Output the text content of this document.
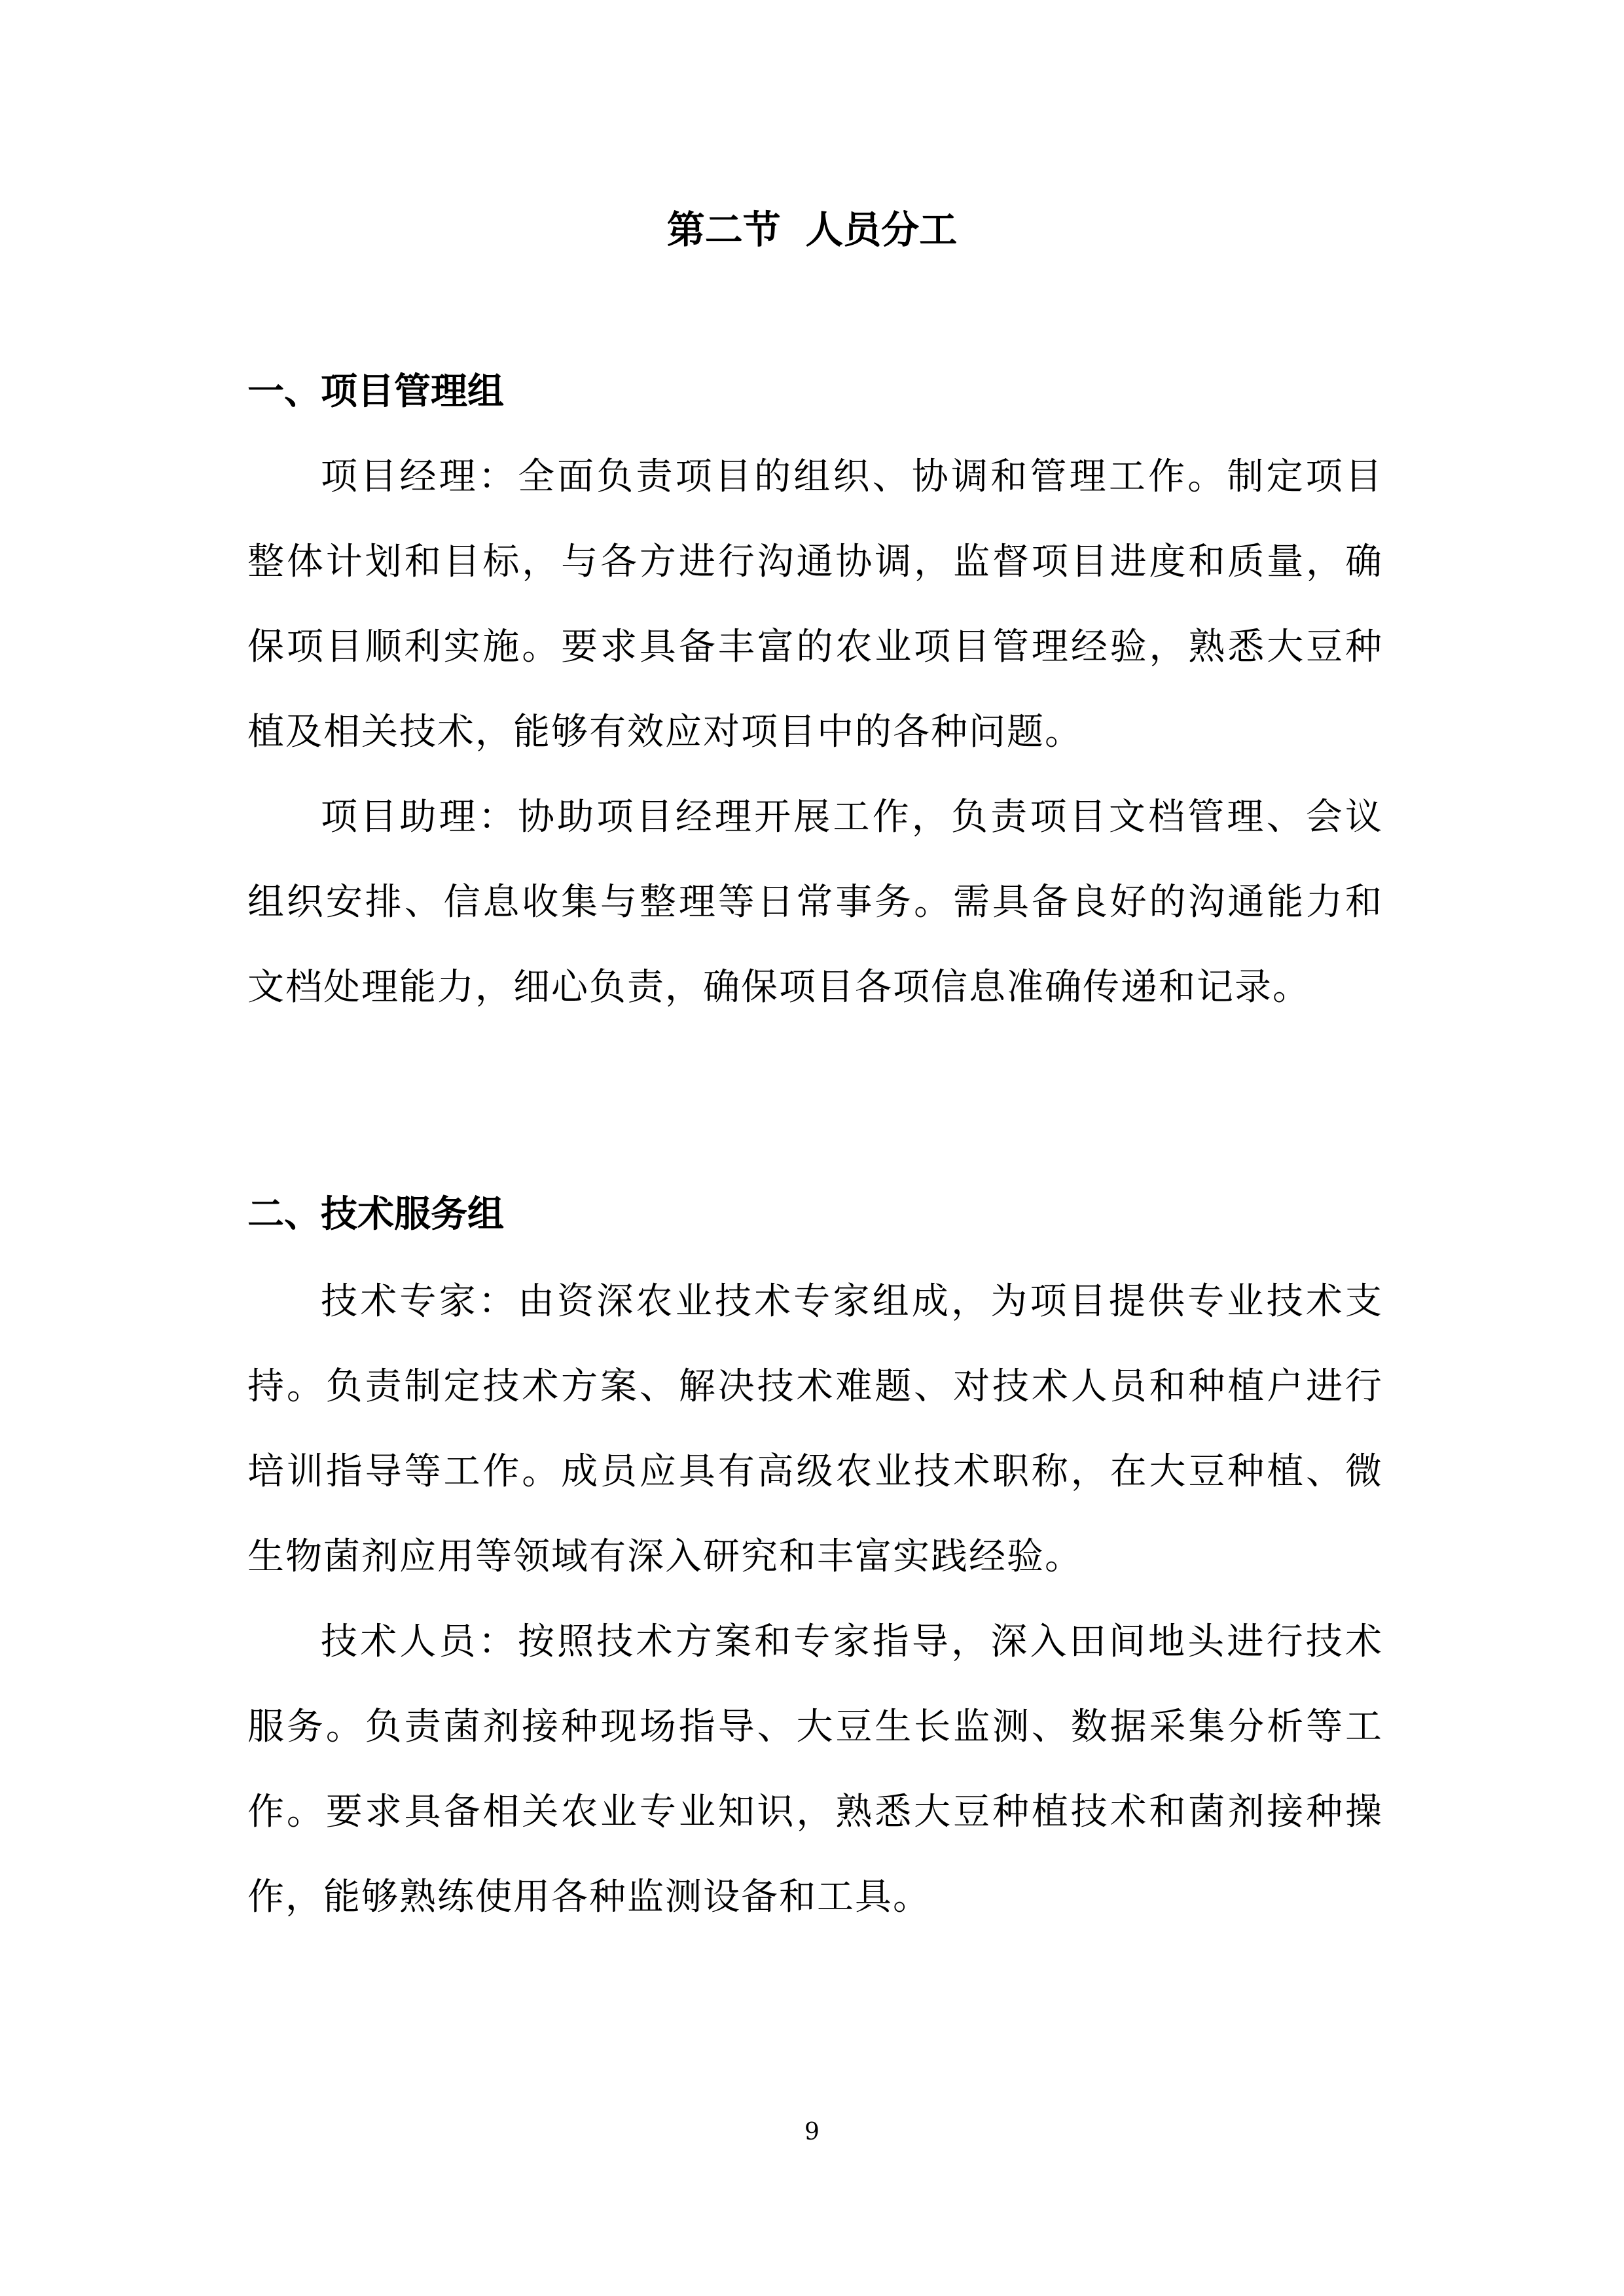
第二节 人员分工
一、项目管理组

项目经理：全面负责项目的组织、协调和管理工作。制定项目整体计划和目标，与各方进行沟通协调，监督项目进度和质量，确保项目顺利实施。要求具备丰富的农业项目管理经验，熟悉大豆种植及相关技术，能够有效应对项目中的各种问题。

项目助理：协助项目经理开展工作，负责项目文档管理、会议组织安排、信息收集与整理等日常事务。需具备良好的沟通能力和文档处理能力，细心负责，确保项目各项信息准确传递和记录。

二、技术服务组

技术专家：由资深农业技术专家组成，为项目提供专业技术支持。负责制定技术方案、解决技术难题、对技术人员和种植户进行培训指导等工作。成员应具有高级农业技术职称，在大豆种植、微生物菌剂应用等领域有深入研究和丰富实践经验。

技术人员：按照技术方案和专家指导，深入田间地头进行技术服务。负责菌剂接种现场指导、大豆生长监测、数据采集分析等工作。要求具备相关农业专业知识，熟悉大豆种植技术和菌剂接种操作，能够熟练使用各种监测设备和工具。

9
